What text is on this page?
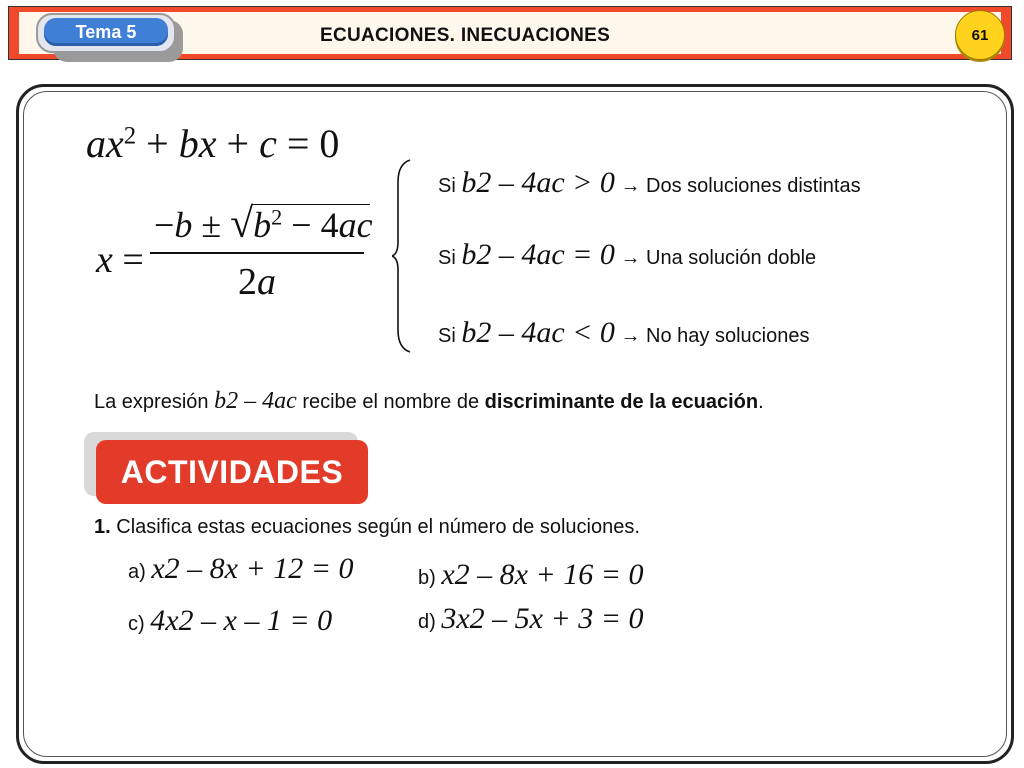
Tema 5	ECUACIONES. INECUACIONES	61
$ax^2$ + bx + c = 0
x =
$-b \pm √b^2 - 4ac$
2a
Si b2 – 4ac > 0 → Dos soluciones distintas
Si b2 – 4ac = 0 → Una solución doble
Si b2 – 4ac < 0 → No hay soluciones
La expresión b2 – 4ac recibe el nombre de discriminante de la ecuación.
ACTIVIDADES
1. Clasifica estas ecuaciones según el número de soluciones.
a) x2 – 8x + 12 = 0	b) x2 – 8x + 16 = 0
c) 4x2 – x – 1 = 0	d) 3x2 – 5x + 3 = 0
